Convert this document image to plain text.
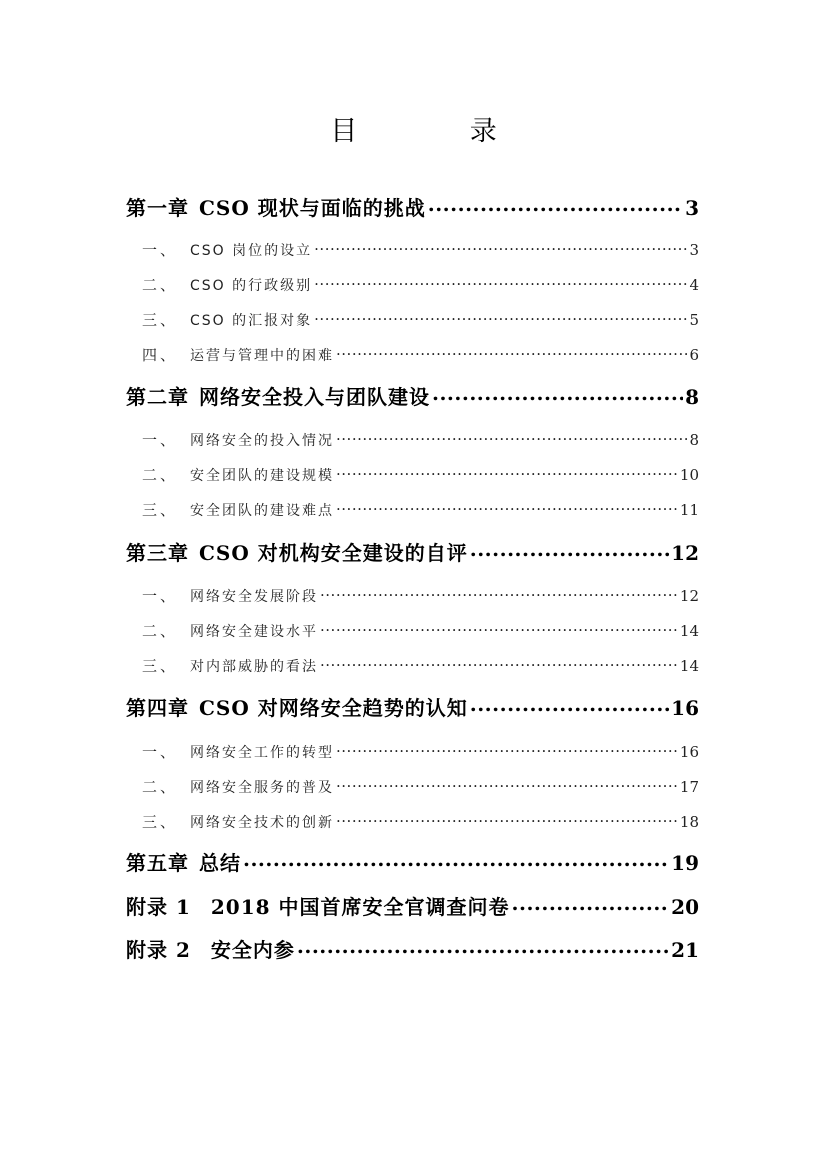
目 录
第一章 CSO 现状与面临的挑战 .....	3
一、 CSO 岗位的设立 .....	3
二、 CSO 的行政级别 .....	4
三、 CSO 的汇报对象 .....	5
四、 运营与管理中的困难 .....	6
第二章 网络安全投入与团队建设 .....	8
一、 网络安全的投入情况 .....	8
二、 安全团队的建设规模 .....	10
三、 安全团队的建设难点 .....	11
第三章 CSO 对机构安全建设的自评 .....	12
一、 网络安全发展阶段 .....	12
二、 网络安全建设水平 .....	14
三、 对内部威胁的看法 .....	14
第四章 CSO 对网络安全趋势的认知 .....	16
一、 网络安全工作的转型 .....	16
二、 网络安全服务的普及 .....	17
三、 网络安全技术的创新 .....	18
第五章 总结 .....	19
附录 1 2018 中国首席安全官调查问卷 .....	20
附录 2 安全内参 .....	21
